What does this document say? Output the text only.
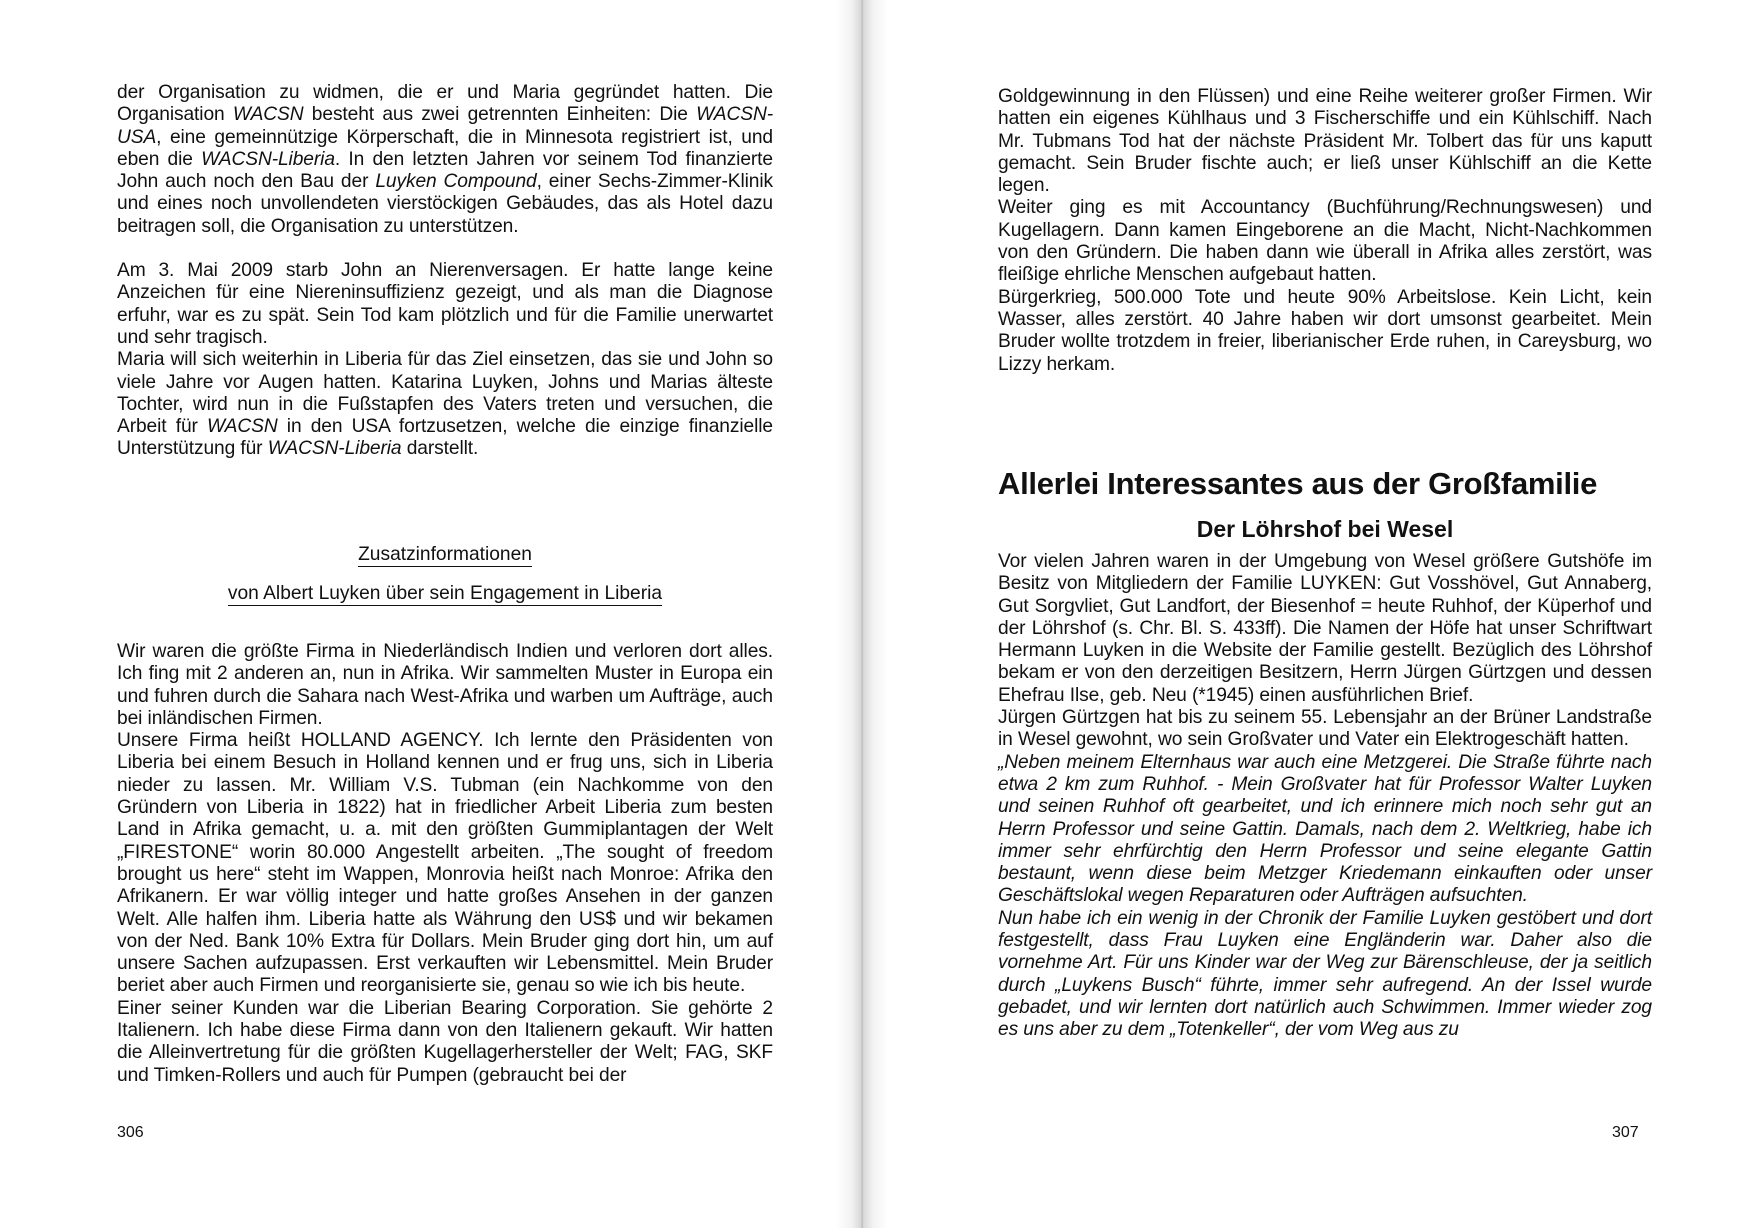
der Organisation zu widmen, die er und Maria gegründet hatten. Die Organisation WACSN besteht aus zwei getrennten Einheiten: Die WACSN-USA, eine gemeinnützige Körperschaft, die in Minnesota registriert ist, und eben die WACSN-Liberia. In den letzten Jahren vor seinem Tod finanzierte John auch noch den Bau der Luyken Compound, einer Sechs-Zimmer-Klinik und eines noch unvollendeten vierstöckigen Gebäudes, das als Hotel dazu beitragen soll, die Organisation zu unterstützen.

Am 3. Mai 2009 starb John an Nierenversagen. Er hatte lange keine Anzeichen für eine Niereninsuffizienz gezeigt, und als man die Diagnose erfuhr, war es zu spät. Sein Tod kam plötzlich und für die Familie unerwartet und sehr tragisch.

Maria will sich weiterhin in Liberia für das Ziel einsetzen, das sie und John so viele Jahre vor Augen hatten. Katarina Luyken, Johns und Marias älteste Tochter, wird nun in die Fußstapfen des Vaters treten und versuchen, die Arbeit für WACSN in den USA fortzusetzen, welche die einzige finanzielle Unterstützung für WACSN-Liberia darstellt.

Zusatzinformationen
von Albert Luyken über sein Engagement in Liberia

Wir waren die größte Firma in Niederländisch Indien und verloren dort alles. Ich fing mit 2 anderen an, nun in Afrika. Wir sammelten Muster in Europa ein und fuhren durch die Sahara nach West-Afrika und warben um Aufträge, auch bei inländischen Firmen.

Unsere Firma heißt HOLLAND AGENCY. Ich lernte den Präsidenten von Liberia bei einem Besuch in Holland kennen und er frug uns, sich in Liberia nieder zu lassen. Mr. William V.S. Tubman (ein Nachkomme von den Gründern von Liberia in 1822) hat in friedlicher Arbeit Liberia zum besten Land in Afrika gemacht, u. a. mit den größten Gummiplantagen der Welt „FIRESTONE“ worin 80.000 Angestellt arbeiten. „The sought of freedom brought us here“ steht im Wappen, Monrovia heißt nach Monroe: Afrika den Afrikanern. Er war völlig integer und hatte großes Ansehen in der ganzen Welt. Alle halfen ihm. Liberia hatte als Währung den US$ und wir bekamen von der Ned. Bank 10% Extra für Dollars. Mein Bruder ging dort hin, um auf unsere Sachen aufzupassen. Erst verkauften wir Lebensmittel. Mein Bruder beriet aber auch Firmen und reorganisierte sie, genau so wie ich bis heute.

Einer seiner Kunden war die Liberian Bearing Corporation. Sie gehörte 2 Italienern. Ich habe diese Firma dann von den Italienern gekauft. Wir hatten die Alleinvertretung für die größten Kugellagerhersteller der Welt; FAG, SKF und Timken-Rollers und auch für Pumpen (gebraucht bei der

306

Goldgewinnung in den Flüssen) und eine Reihe weiterer großer Firmen. Wir hatten ein eigenes Kühlhaus und 3 Fischerschiffe und ein Kühlschiff. Nach Mr. Tubmans Tod hat der nächste Präsident Mr. Tolbert das für uns kaputt gemacht. Sein Bruder fischte auch; er ließ unser Kühlschiff an die Kette legen.

Weiter ging es mit Accountancy (Buchführung/Rechnungswesen) und Kugellagern. Dann kamen Eingeborene an die Macht, Nicht-Nachkommen von den Gründern. Die haben dann wie überall in Afrika alles zerstört, was fleißige ehrliche Menschen aufgebaut hatten.

Bürgerkrieg, 500.000 Tote und heute 90% Arbeitslose. Kein Licht, kein Wasser, alles zerstört. 40 Jahre haben wir dort umsonst gearbeitet. Mein Bruder wollte trotzdem in freier, liberianischer Erde ruhen, in Careysburg, wo Lizzy herkam.

Allerlei Interessantes aus der Großfamilie
Der Löhrshof bei Wesel

Vor vielen Jahren waren in der Umgebung von Wesel größere Gutshöfe im Besitz von Mitgliedern der Familie LUYKEN: Gut Vosshövel, Gut Annaberg, Gut Sorgvliet, Gut Landfort, der Biesenhof = heute Ruhhof, der Küperhof und der Löhrshof (s. Chr. Bl. S. 433ff). Die Namen der Höfe hat unser Schriftwart Hermann Luyken in die Website der Familie gestellt. Bezüglich des Löhrshof bekam er von den derzeitigen Besitzern, Herrn Jürgen Gürtzgen und dessen Ehefrau Ilse, geb. Neu (*1945) einen ausführlichen Brief.

Jürgen Gürtzgen hat bis zu seinem 55. Lebensjahr an der Brüner Landstraße in Wesel gewohnt, wo sein Großvater und Vater ein Elektrogeschäft hatten.

„Neben meinem Elternhaus war auch eine Metzgerei. Die Straße führte nach etwa 2 km zum Ruhhof. - Mein Großvater hat für Professor Walter Luyken und seinen Ruhhof oft gearbeitet, und ich erinnere mich noch sehr gut an Herrn Professor und seine Gattin. Damals, nach dem 2. Weltkrieg, habe ich immer sehr ehrfürchtig den Herrn Professor und seine elegante Gattin bestaunt, wenn diese beim Metzger Kriedemann einkauften oder unser Geschäftslokal wegen Reparaturen oder Aufträgen aufsuchten.

Nun habe ich ein wenig in der Chronik der Familie Luyken gestöbert und dort festgestellt, dass Frau Luyken eine Engländerin war. Daher also die vornehme Art. Für uns Kinder war der Weg zur Bärenschleuse, der ja seitlich durch „Luykens Busch“ führte, immer sehr aufregend. An der Issel wurde gebadet, und wir lernten dort natürlich auch Schwimmen. Immer wieder zog es uns aber zu dem „Totenkeller“, der vom Weg aus zu

307
